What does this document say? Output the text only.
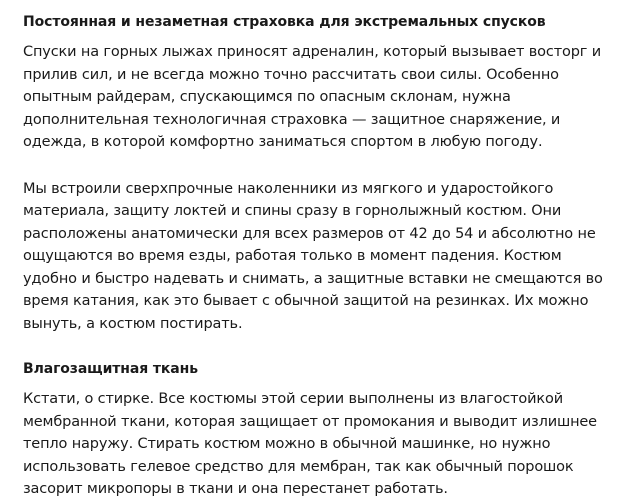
Постоянная и незаметная страховка для экстремальных спусков

Спуски на горных лыжах приносят адреналин, который вызывает восторг и
прилив сил, и не всегда можно точно рассчитать свои силы. Особенно
опытным райдерам, спускающимся по опасным склонам, нужна
дополнительная технологичная страховка — защитное снаряжение, и
одежда, в которой комфортно заниматься спортом в любую погоду.

Мы встроили сверхпрочные наколенники из мягкого и ударостойкого
материала, защиту локтей и спины сразу в горнолыжный костюм. Они
расположены анатомически для всех размеров от 42 до 54 и абсолютно не
ощущаются во время езды, работая только в момент падения. Костюм
удобно и быстро надевать и снимать, а защитные вставки не смещаются во
время катания, как это бывает с обычной защитой на резинках. Их можно
вынуть, а костюм постирать.

Влагозащитная ткань

Кстати, о стирке. Все костюмы этой серии выполнены из влагостойкой
мембранной ткани, которая защищает от промокания и выводит излишнее
тепло наружу. Стирать костюм можно в обычной машинке, но нужно
использовать гелевое средство для мембран, так как обычный порошок
засорит микропоры в ткани и она перестанет работать.
